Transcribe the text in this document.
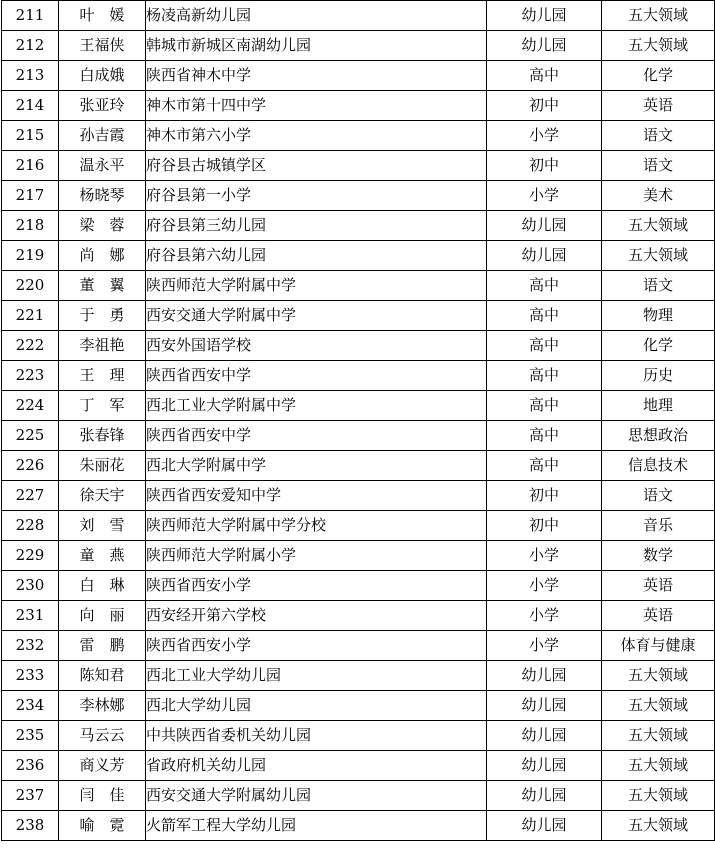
211	叶　媛	杨凌高新幼儿园	幼儿园	五大领域
212	王福侠	韩城市新城区南湖幼儿园	幼儿园	五大领域
213	白成娥	陕西省神木中学	高中	化学
214	张亚玲	神木市第十四中学	初中	英语
215	孙吉霞	神木市第六小学	小学	语文
216	温永平	府谷县古城镇学区	初中	语文
217	杨晓琴	府谷县第一小学	小学	美术
218	梁　蓉	府谷县第三幼儿园	幼儿园	五大领域
219	尚　娜	府谷县第六幼儿园	幼儿园	五大领域
220	董　翼	陕西师范大学附属中学	高中	语文
221	于　勇	西安交通大学附属中学	高中	物理
222	李祖艳	西安外国语学校	高中	化学
223	王　理	陕西省西安中学	高中	历史
224	丁　军	西北工业大学附属中学	高中	地理
225	张春锋	陕西省西安中学	高中	思想政治
226	朱丽花	西北大学附属中学	高中	信息技术
227	徐天宇	陕西省西安爱知中学	初中	语文
228	刘　雪	陕西师范大学附属中学分校	初中	音乐
229	童　燕	陕西师范大学附属小学	小学	数学
230	白　琳	陕西省西安小学	小学	英语
231	向　丽	西安经开第六学校	小学	英语
232	雷　鹏	陕西省西安小学	小学	体育与健康
233	陈知君	西北工业大学幼儿园	幼儿园	五大领域
234	李林娜	西北大学幼儿园	幼儿园	五大领域
235	马云云	中共陕西省委机关幼儿园	幼儿园	五大领域
236	商义芳	省政府机关幼儿园	幼儿园	五大领域
237	闫　佳	西安交通大学附属幼儿园	幼儿园	五大领域
238	喻　霓	火箭军工程大学幼儿园	幼儿园	五大领域
